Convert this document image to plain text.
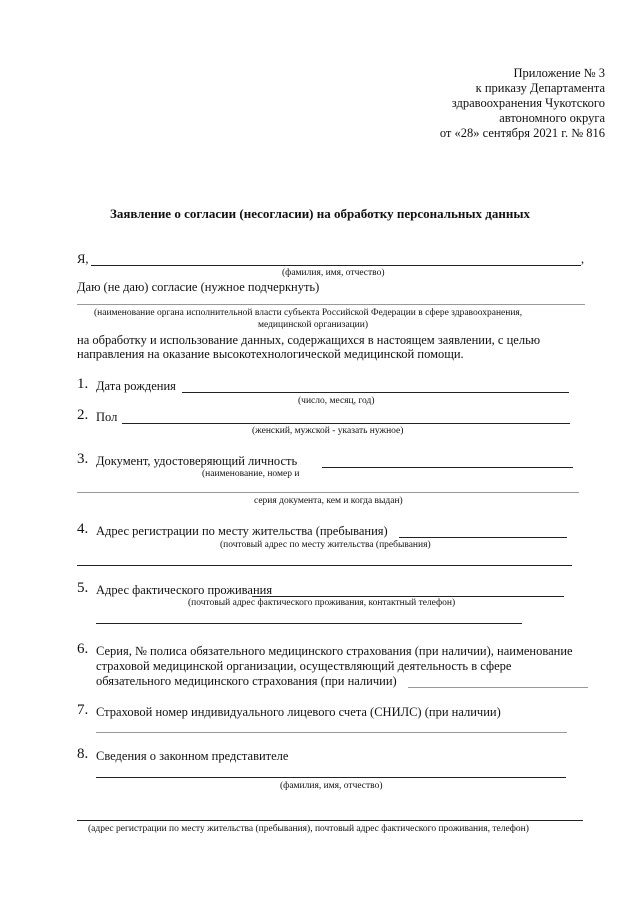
Приложение № 3
к приказу Департамента
здравоохранения Чукотского
автономного округа
от «28» сентября 2021 г. № 816
Заявление о согласии (несогласии) на обработку персональных данных
Я,	,
(фамилия, имя, отчество)
Даю (не даю) согласие (нужное подчеркнуть)
(наименование органа исполнительной власти субъекта Российской Федерации в сфере здравоохранения,
медицинской организации)
на обработку и использование данных, содержащихся в настоящем заявлении, с целью
направления на оказание высокотехнологической медицинской помощи.
1. Дата рождения
(число, месяц, год)
2. Пол
(женский, мужской - указать нужное)
3. Документ, удостоверяющий личность
(наименование, номер и
серия документа, кем и когда выдан)
4. Адрес регистрации по месту жительства (пребывания)
(почтовый адрес по месту жительства (пребывания)
5. Адрес фактического проживания
(почтовый адрес фактического проживания, контактный телефон)
6. Серия, № полиса обязательного медицинского страхования (при наличии), наименование
страховой медицинской организации, осуществляющий деятельность в сфере
обязательного медицинского страхования (при наличии)
7. Страховой номер индивидуального лицевого счета (СНИЛС) (при наличии)
8. Сведения о законном представителе
(фамилия, имя, отчество)
(адрес регистрации по месту жительства (пребывания), почтовый адрес фактического проживания, телефон)
